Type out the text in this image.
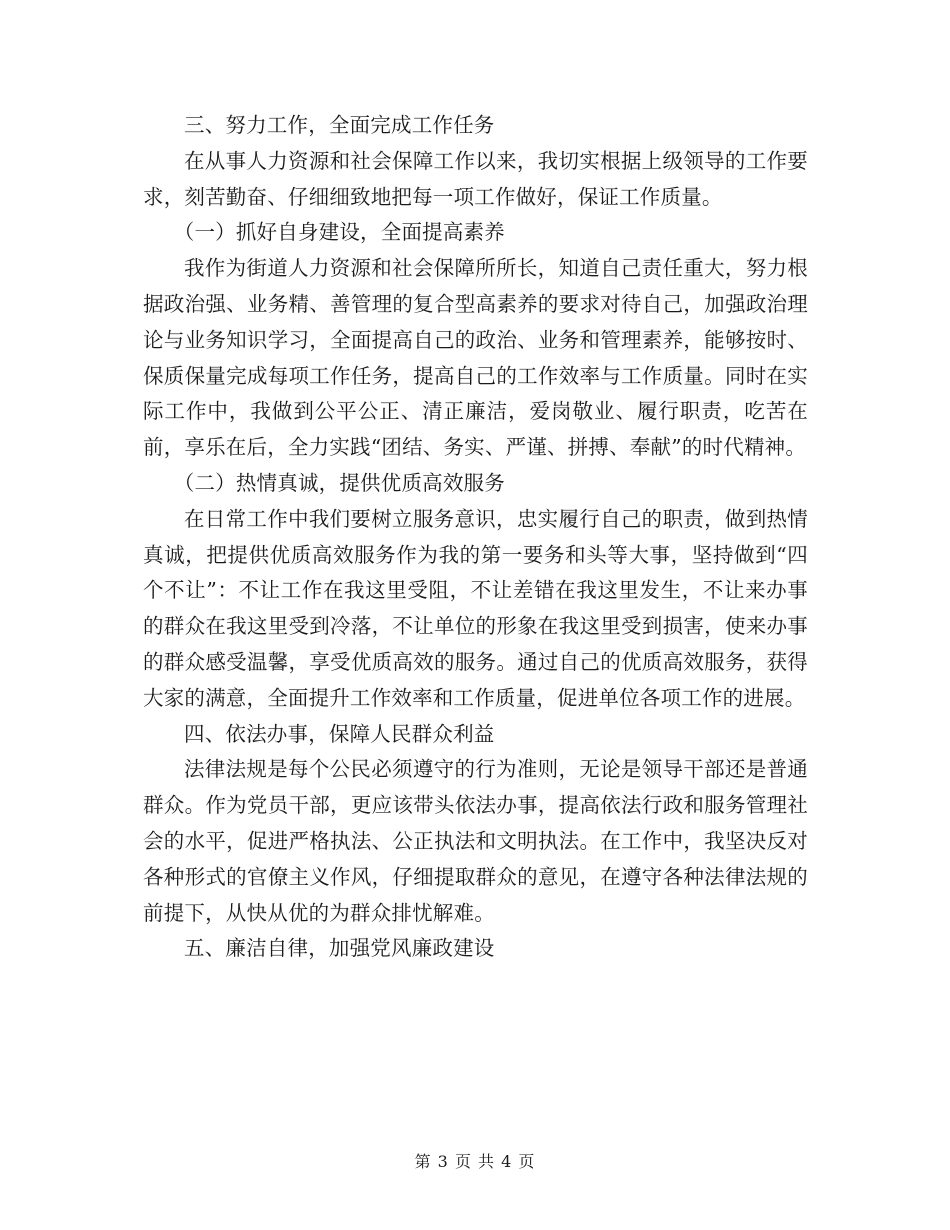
三、努力工作，全面完成工作任务

在从事人力资源和社会保障工作以来，我切实根据上级领导的工作要求，刻苦勤奋、仔细细致地把每一项工作做好，保证工作质量。

（一）抓好自身建设，全面提高素养

我作为街道人力资源和社会保障所所长，知道自己责任重大，努力根据政治强、业务精、善管理的复合型高素养的要求对待自己，加强政治理论与业务知识学习，全面提高自己的政治、业务和管理素养，能够按时、保质保量完成每项工作任务，提高自己的工作效率与工作质量。同时在实际工作中，我做到公平公正、清正廉洁，爱岗敬业、履行职责，吃苦在前，享乐在后，全力实践“团结、务实、严谨、拼搏、奉献”的时代精神。

（二）热情真诚，提供优质高效服务

在日常工作中我们要树立服务意识，忠实履行自己的职责，做到热情真诚，把提供优质高效服务作为我的第一要务和头等大事，坚持做到“四个不让”：不让工作在我这里受阻，不让差错在我这里发生，不让来办事的群众在我这里受到冷落，不让单位的形象在我这里受到损害，使来办事的群众感受温馨，享受优质高效的服务。通过自己的优质高效服务，获得大家的满意，全面提升工作效率和工作质量，促进单位各项工作的进展。

四、依法办事，保障人民群众利益

法律法规是每个公民必须遵守的行为准则，无论是领导干部还是普通群众。作为党员干部，更应该带头依法办事，提高依法行政和服务管理社会的水平，促进严格执法、公正执法和文明执法。在工作中，我坚决反对各种形式的官僚主义作风，仔细提取群众的意见，在遵守各种法律法规的前提下，从快从优的为群众排忧解难。

五、廉洁自律，加强党风廉政建设

第 3 页 共 4 页
